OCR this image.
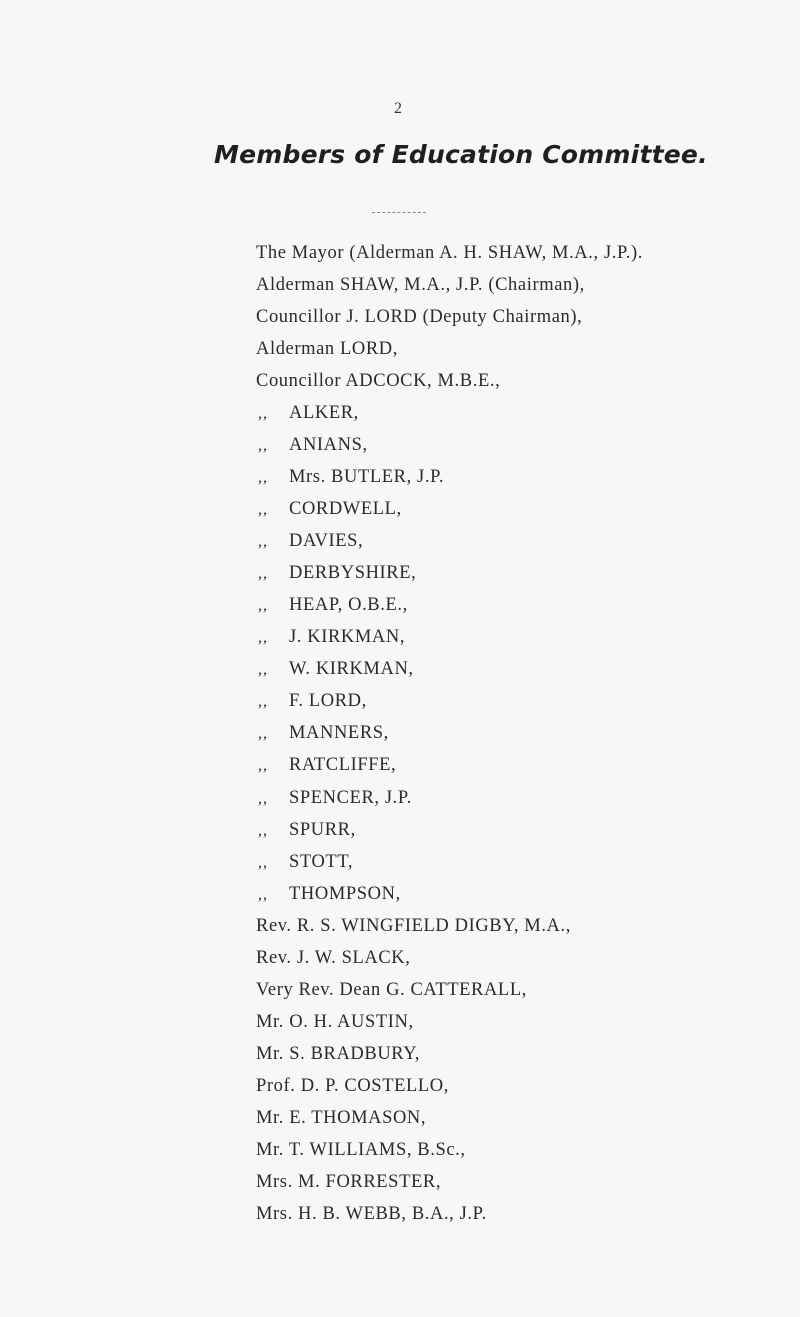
2
Members of Education Committee.
The Mayor (Alderman A. H. SHAW, M.A., J.P.).
Alderman SHAW, M.A., J.P. (Chairman),
Councillor J. LORD (Deputy Chairman),
Alderman LORD,
Councillor ADCOCK, M.B.E.,
,, ALKER,
,, ANIANS,
,, Mrs. BUTLER, J.P.
,, CORDWELL,
,, DAVIES,
,, DERBYSHIRE,
,, HEAP, O.B.E.,
,, J. KIRKMAN,
,, W. KIRKMAN,
,, F. LORD,
,, MANNERS,
,, RATCLIFFE,
,, SPENCER, J.P.
,, SPURR,
,, STOTT,
,, THOMPSON,
Rev. R. S. WINGFIELD DIGBY, M.A.,
Rev. J. W. SLACK,
Very Rev. Dean G. CATTERALL,
Mr. O. H. AUSTIN,
Mr. S. BRADBURY,
Prof. D. P. COSTELLO,
Mr. E. THOMASON,
Mr. T. WILLIAMS, B.Sc.,
Mrs. M. FORRESTER,
Mrs. H. B. WEBB, B.A., J.P.
